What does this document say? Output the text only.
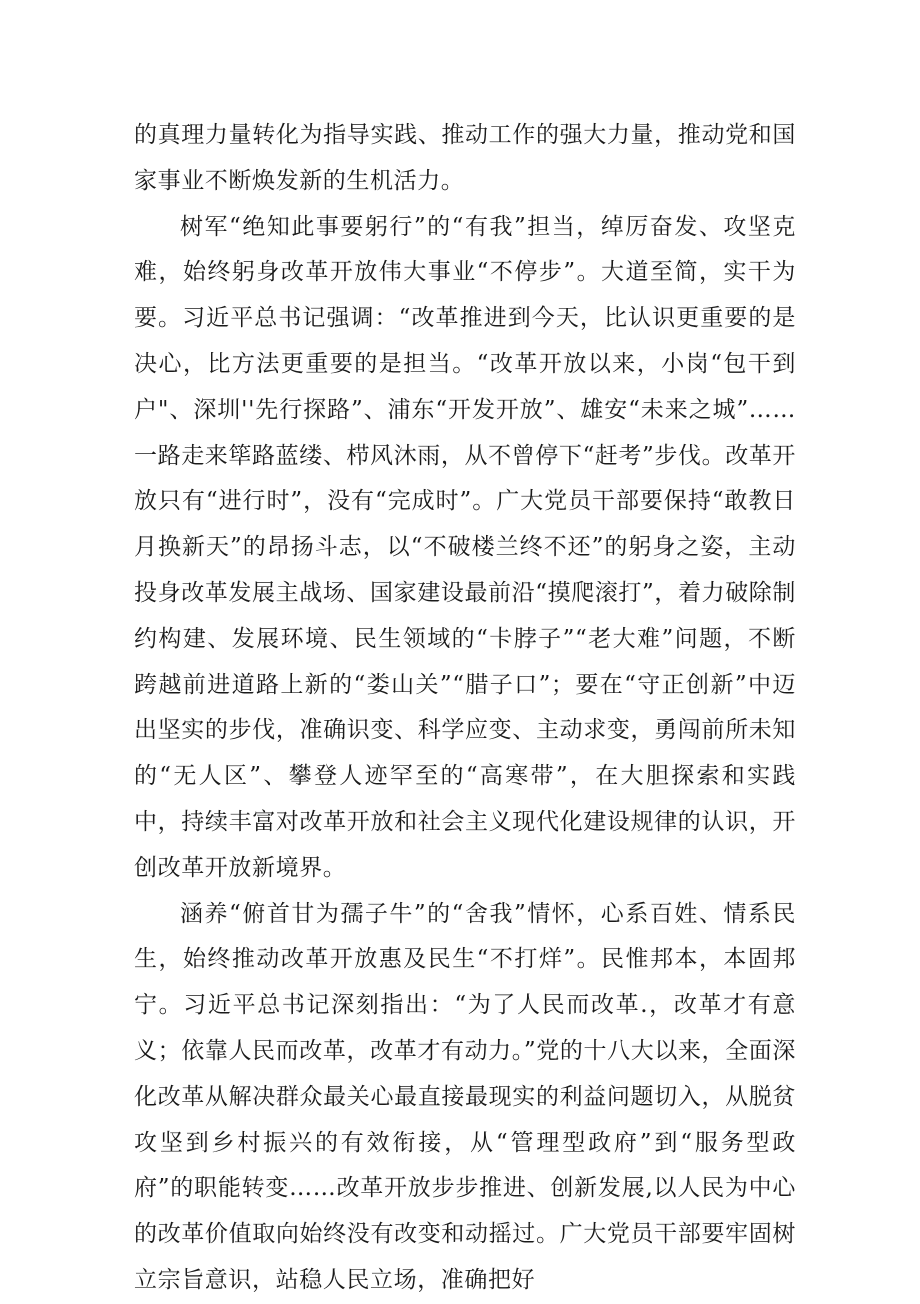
的真理力量转化为指导实践、推动工作的强大力量，推动党和国家事业不断焕发新的生机活力。

树军“绝知此事要躬行”的“有我”担当，绰厉奋发、攻坚克难，始终躬身改革开放伟大事业“不停步”。大道至简，实干为要。习近平总书记强调：“改革推进到今天，比认识更重要的是决心，比方法更重要的是担当。“改革开放以来，小岗“包干到户"、深圳''先行探路”、浦东“开发开放”、雄安“未来之城”……一路走来筚路蓝缕、栉风沐雨，从不曾停下“赶考”步伐。改革开放只有“进行时”，没有“完成时”。广大党员干部要保持“敢教日月换新天”的昂扬斗志，以“不破楼兰终不还”的躬身之姿，主动投身改革发展主战场、国家建设最前沿“摸爬滚打”，着力破除制约构建、发展环境、民生领域的“卡脖子”“老大难”问题，不断跨越前进道路上新的“娄山关”“腊子口”；要在“守正创新”中迈出坚实的步伐，准确识变、科学应变、主动求变，勇闯前所未知的“无人区”、攀登人迹罕至的“高寒带”，在大胆探索和实践中，持续丰富对改革开放和社会主义现代化建设规律的认识，开创改革开放新境界。

涵养“俯首甘为孺子牛”的“舍我”情怀，心系百姓、情系民生，始终推动改革开放惠及民生“不打烊”。民惟邦本，本固邦宁。习近平总书记深刻指出：“为了人民而改革.，改革才有意义；依靠人民而改革，改革才有动力。”党的十八大以来，全面深化改革从解决群众最关心最直接最现实的利益问题切入，从脱贫攻坚到乡村振兴的有效衔接，从“管理型政府”到“服务型政府”的职能转变……改革开放步步推进、创新发展,以人民为中心的改革价值取向始终没有改变和动摇过。广大党员干部要牢固树立宗旨意识，站稳人民立场，准确把好
